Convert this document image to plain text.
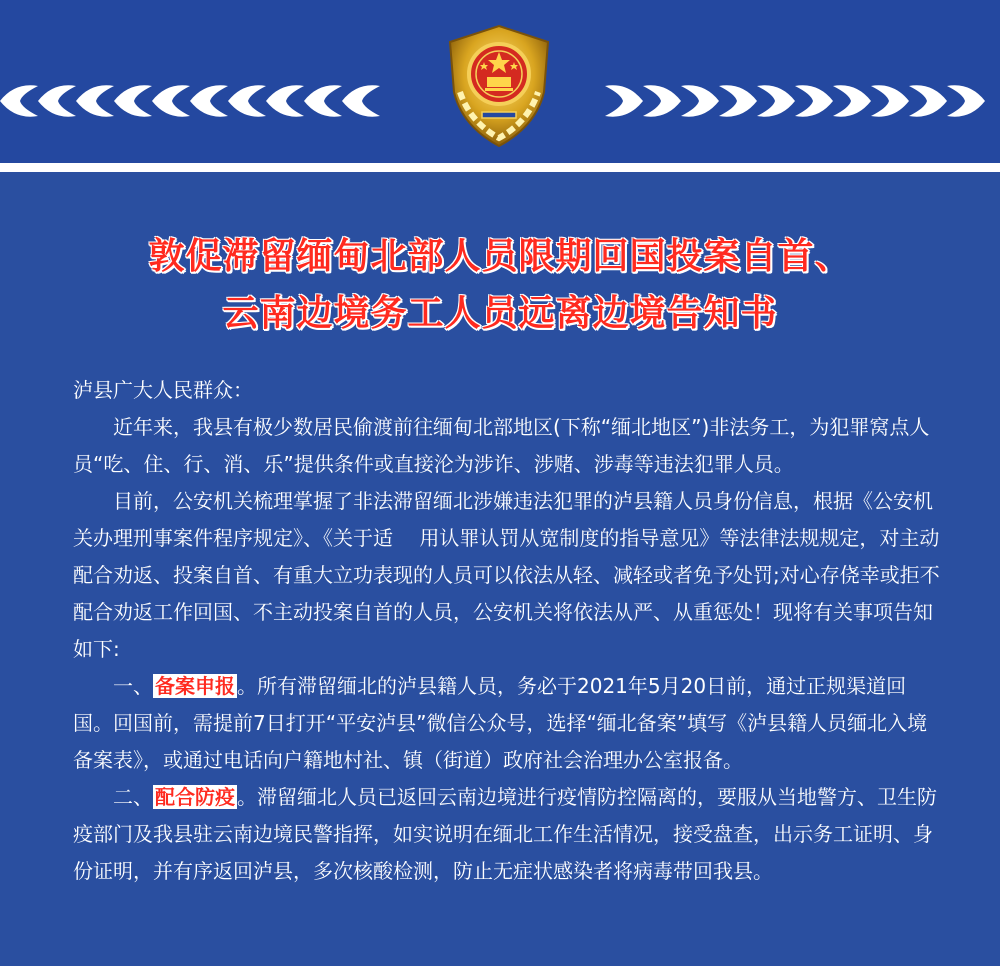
敦促滞留缅甸北部人员限期回国投案自首、
云南边境务工人员远离边境告知书

泸县广大人民群众：

近年来，我县有极少数居民偷渡前往缅甸北部地区(下称“缅北地区”)非法务工，为犯罪窝点人员“吃、住、行、消、乐”提供条件或直接沦为涉诈、涉赌、涉毒等违法犯罪人员。

目前，公安机关梳理掌握了非法滞留缅北涉嫌违法犯罪的泸县籍人员身份信息，根据《公安机关办理刑事案件程序规定》、《关于适　 用认罪认罚从宽制度的指导意见》等法律法规规定，对主动配合劝返、投案自首、有重大立功表现的人员可以依法从轻、减轻或者免予处罚;对心存侥幸或拒不配合劝返工作回国、不主动投案自首的人员，公安机关将依法从严、从重惩处！现将有关事项告知如下:

一、 备案申报 。所有滞留缅北的泸县籍人员，务必于2021年5月20日前，通过正规渠道回国。回国前，需提前7日打开“平安泸县”微信公众号，选择“缅北备案”填写《泸县籍人员缅北入境备案表》，或通过电话向户籍地村社、镇（街道）政府社会治理办公室报备。

二、 配合防疫 。滞留缅北人员已返回云南边境进行疫情防控隔离的，要服从当地警方、卫生防疫部门及我县驻云南边境民警指挥，如实说明在缅北工作生活情况，接受盘查，出示务工证明、身份证明，并有序返回泸县，多次核酸检测，防止无症状感染者将病毒带回我县。
